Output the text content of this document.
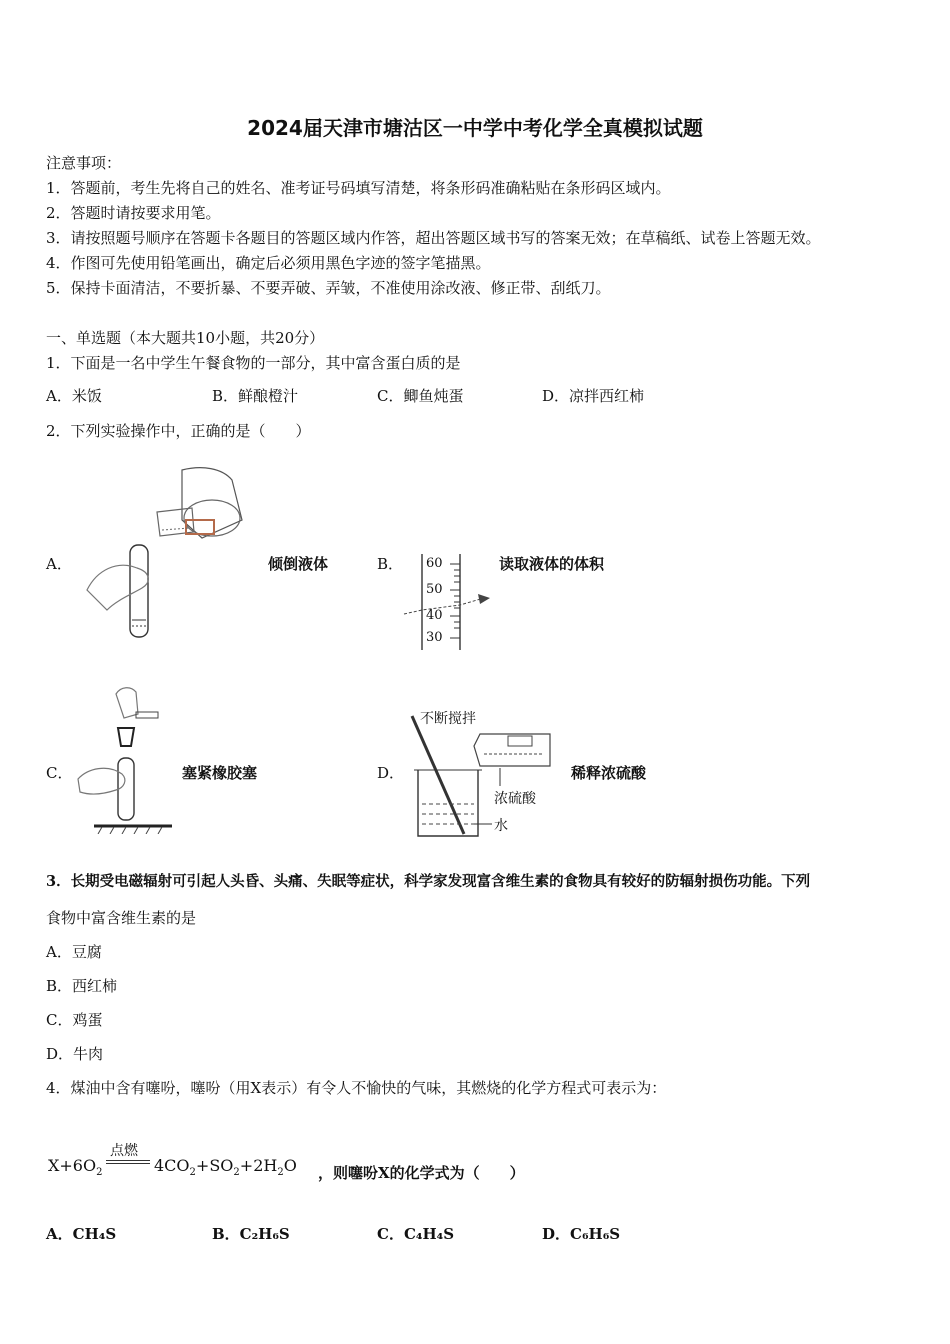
2024届天津市塘沽区一中学中考化学全真模拟试题
注意事项：
1．答题前，考生先将自己的姓名、准考证号码填写清楚，将条形码准确粘贴在条形码区域内。
2．答题时请按要求用笔。
3．请按照题号顺序在答题卡各题目的答题区域内作答，超出答题区域书写的答案无效；在草稿纸、试卷上答题无效。
4．作图可先使用铅笔画出，确定后必须用黑色字迹的签字笔描黑。
5．保持卡面清洁，不要折暴、不要弄破、弄皱，不准使用涂改液、修正带、刮纸刀。
一、单选题（本大题共10小题，共20分）
1．下面是一名中学生午餐食物的一部分，其中富含蛋白质的是
A．米饭	B．鲜酿橙汁	C．鲫鱼炖蛋	D．凉拌西红柿
2．下列实验操作中，正确的是（　　）
A．	倾倒液体	B． 60
50
40
30
读取液体的体积
C．	塞紧橡胶塞	D．
不断搅拌
浓硫酸
水
稀释浓硫酸
3．长期受电磁辐射可引起人头昏、头痛、失眠等症状，科学家发现富含维生素的食物具有较好的防辐射损伤功能。下列
食物中富含维生素的是
A．豆腐
B．西红柿
C．鸡蛋
D．牛肉
4．煤油中含有噻吩，噻吩（用X表示）有令人不愉快的气味，其燃烧的化学方程式可表示为：
点燃
$X+6O_2$	$4CO_2+SO_2+2H_2O$ ，则噻吩X的化学式为（　　）
A．CH₄S	B．C₂H₆S	C．C₄H₄S	D．C₆H₆S
